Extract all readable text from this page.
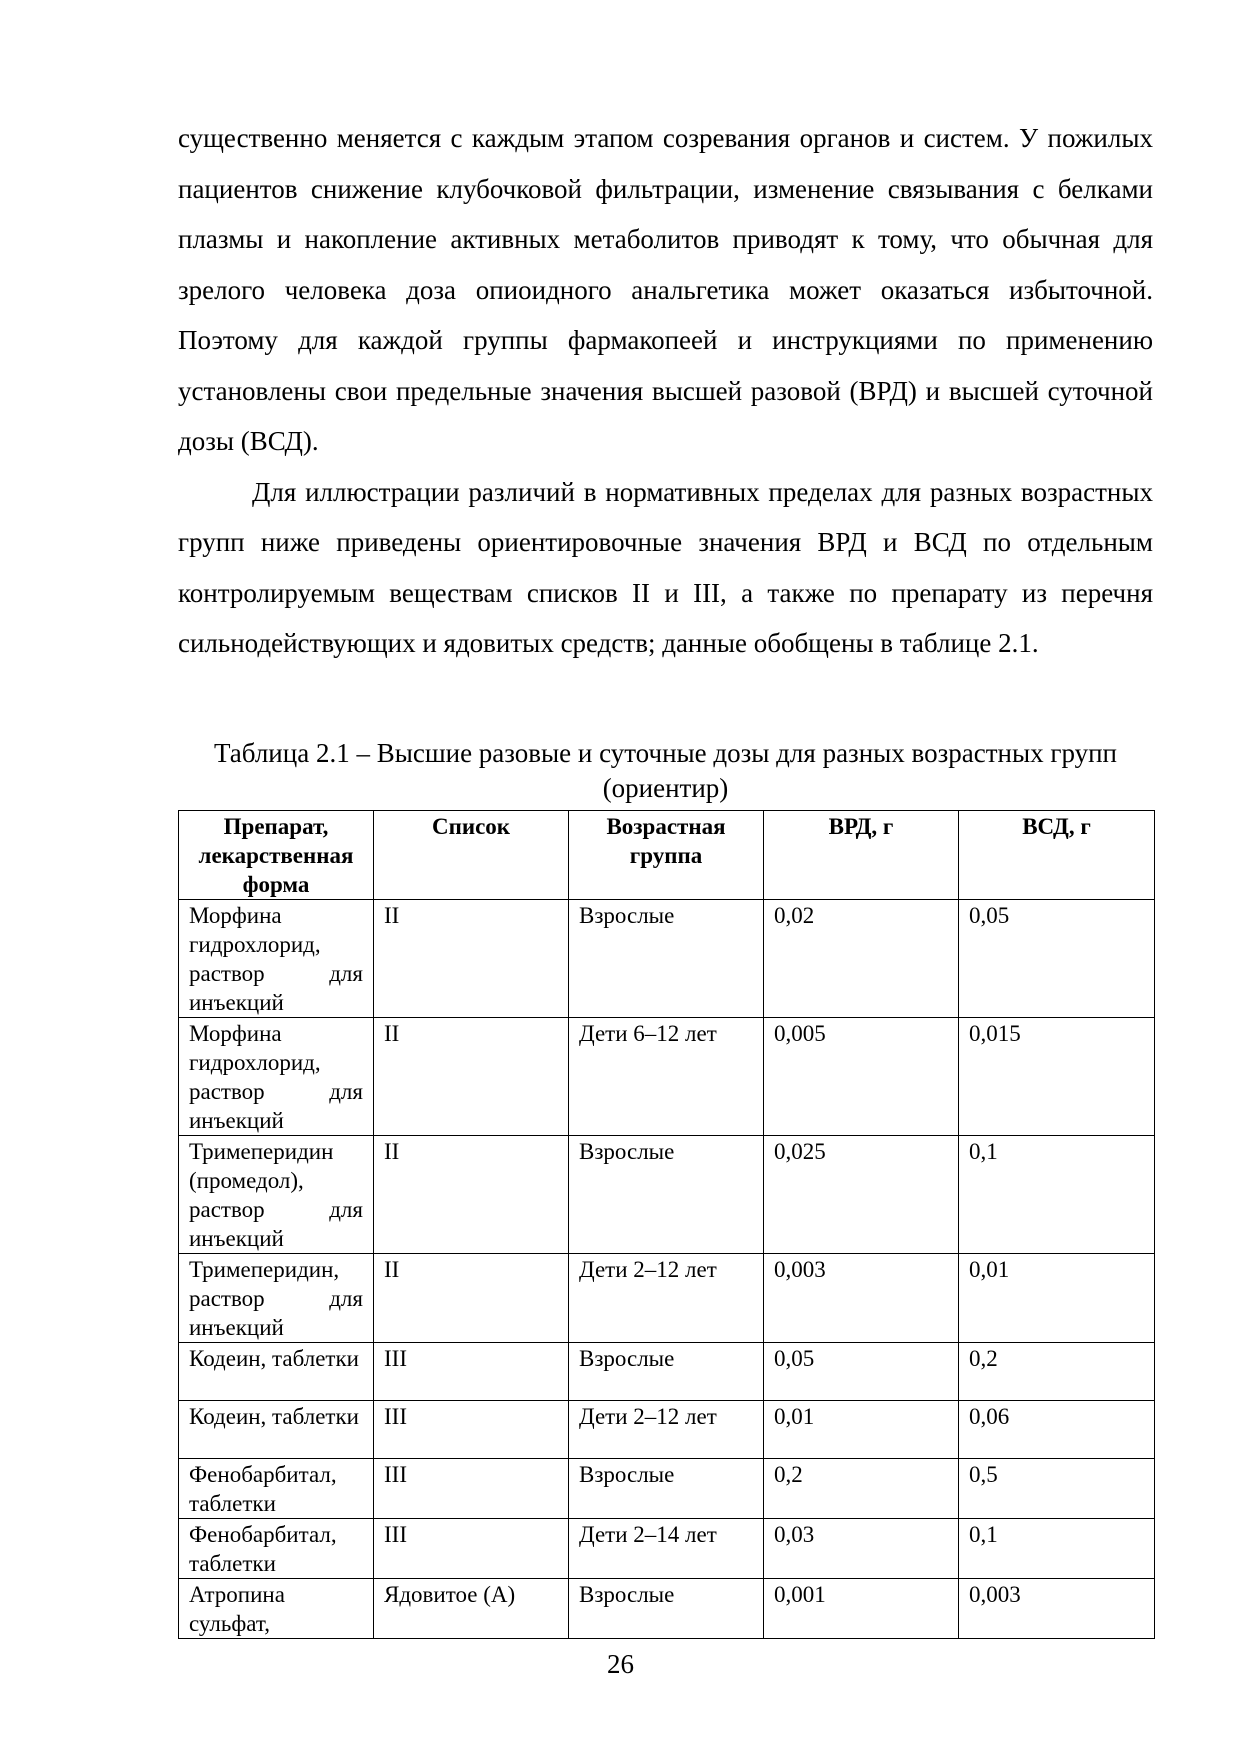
существенно меняется с каждым этапом созревания органов и систем. У пожилых пациентов снижение клубочковой фильтрации, изменение связывания с белками плазмы и накопление активных метаболитов приводят к тому, что обычная для зрелого человека доза опиоидного анальгетика может оказаться избыточной. Поэтому для каждой группы фармакопеей и инструкциями по применению установлены свои предельные значения высшей разовой (ВРД) и высшей суточной дозы (ВСД).

Для иллюстрации различий в нормативных пределах для разных возрастных групп ниже приведены ориентировочные значения ВРД и ВСД по отдельным контролируемым веществам списков II и III, а также по препарату из перечня сильнодействующих и ядовитых средств; данные обобщены в таблице 2.1.

Таблица 2.1 – Высшие разовые и суточные дозы для разных возрастных групп (ориентир)
Препарат, лекарственная форма	Список	Возрастная группа	ВРД, г	ВСД, г
Морфина гидрохлорид, раствор для инъекций	II	Взрослые	0,02	0,05
Морфина гидрохлорид, раствор для инъекций	II	Дети 6–12 лет	0,005	0,015
Тримеперидин (промедол), раствор для инъекций	II	Взрослые	0,025	0,1
Тримеперидин, раствор для инъекций	II	Дети 2–12 лет	0,003	0,01
Кодеин, таблетки	III	Взрослые	0,05	0,2
Кодеин, таблетки	III	Дети 2–12 лет	0,01	0,06
Фенобарбитал, таблетки	III	Взрослые	0,2	0,5
Фенобарбитал, таблетки	III	Дети 2–14 лет	0,03	0,1
Атропина сульфат,	Ядовитое (А)	Взрослые	0,001	0,003
26
